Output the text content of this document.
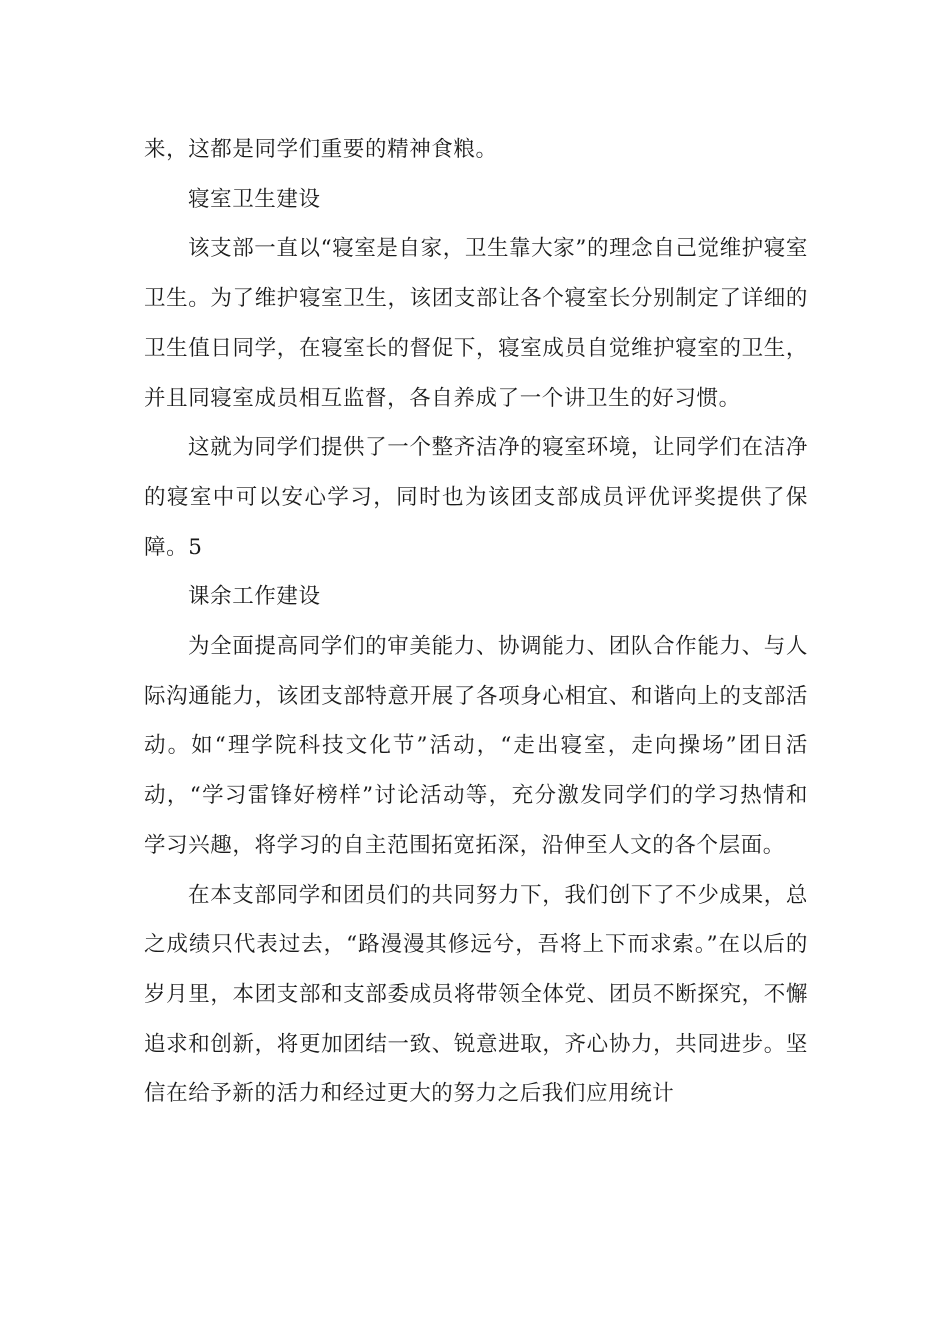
来，这都是同学们重要的精神食粮。

寝室卫生建设

该支部一直以“寝室是自家，卫生靠大家”的理念自己觉维护寝室卫生。为了维护寝室卫生，该团支部让各个寝室长分别制定了详细的卫生值日同学，在寝室长的督促下，寝室成员自觉维护寝室的卫生，并且同寝室成员相互监督，各自养成了一个讲卫生的好习惯。

这就为同学们提供了一个整齐洁净的寝室环境，让同学们在洁净的寝室中可以安心学习，同时也为该团支部成员评优评奖提供了保障。5

课余工作建设

为全面提高同学们的审美能力、协调能力、团队合作能力、与人际沟通能力，该团支部特意开展了各项身心相宜、和谐向上的支部活动。如“理学院科技文化节”活动，“走出寝室，走向操场”团日活动，“学习雷锋好榜样”讨论活动等，充分激发同学们的学习热情和学习兴趣，将学习的自主范围拓宽拓深，沿伸至人文的各个层面。

在本支部同学和团员们的共同努力下，我们创下了不少成果，总之成绩只代表过去，“路漫漫其修远兮，吾将上下而求索。”在以后的岁月里，本团支部和支部委成员将带领全体党、团员不断探究，不懈追求和创新，将更加团结一致、锐意进取，齐心协力，共同进步。坚信在给予新的活力和经过更大的努力之后我们应用统计
